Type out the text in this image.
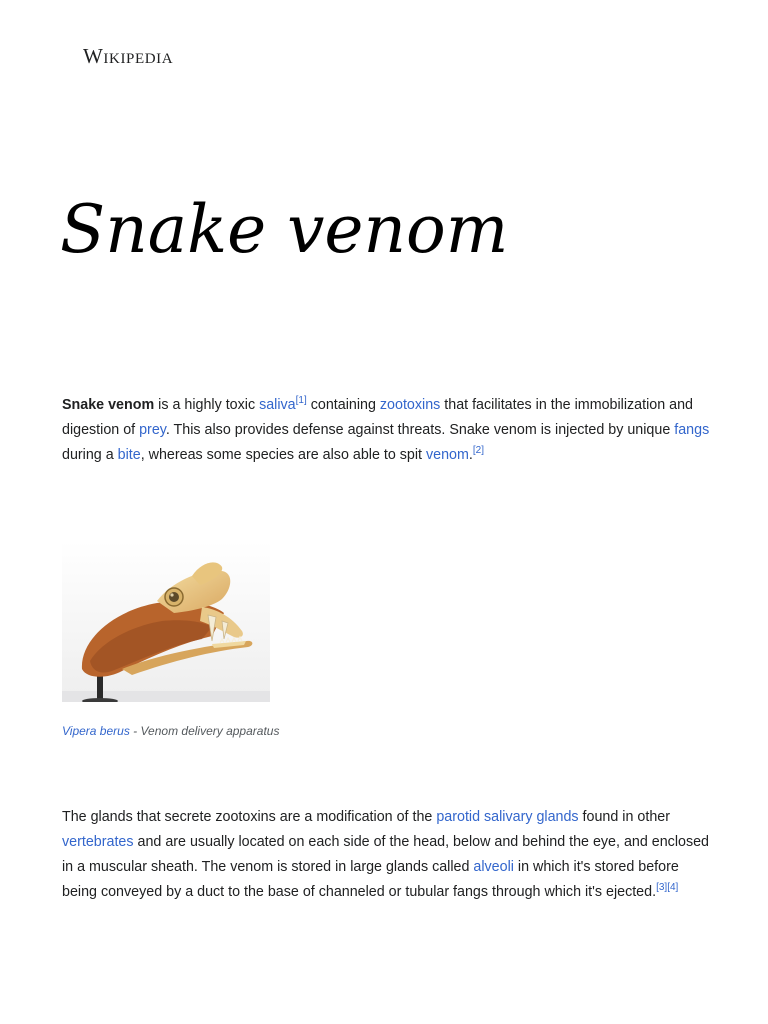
Wikipedia
Snake venom

Snake venom is a highly toxic saliva[1] containing zootoxins that facilitates in the immobilization and digestion of prey. This also provides defense against threats. Snake venom is injected by unique fangs during a bite, whereas some species are also able to spit venom.[2]

Vipera berus - Venom delivery apparatus

The glands that secrete zootoxins are a modification of the parotid salivary glands found in other vertebrates and are usually located on each side of the head, below and behind the eye, and enclosed in a muscular sheath. The venom is stored in large glands called alveoli in which it's stored before being conveyed by a duct to the base of channeled or tubular fangs through which it's ejected.[3][4]
